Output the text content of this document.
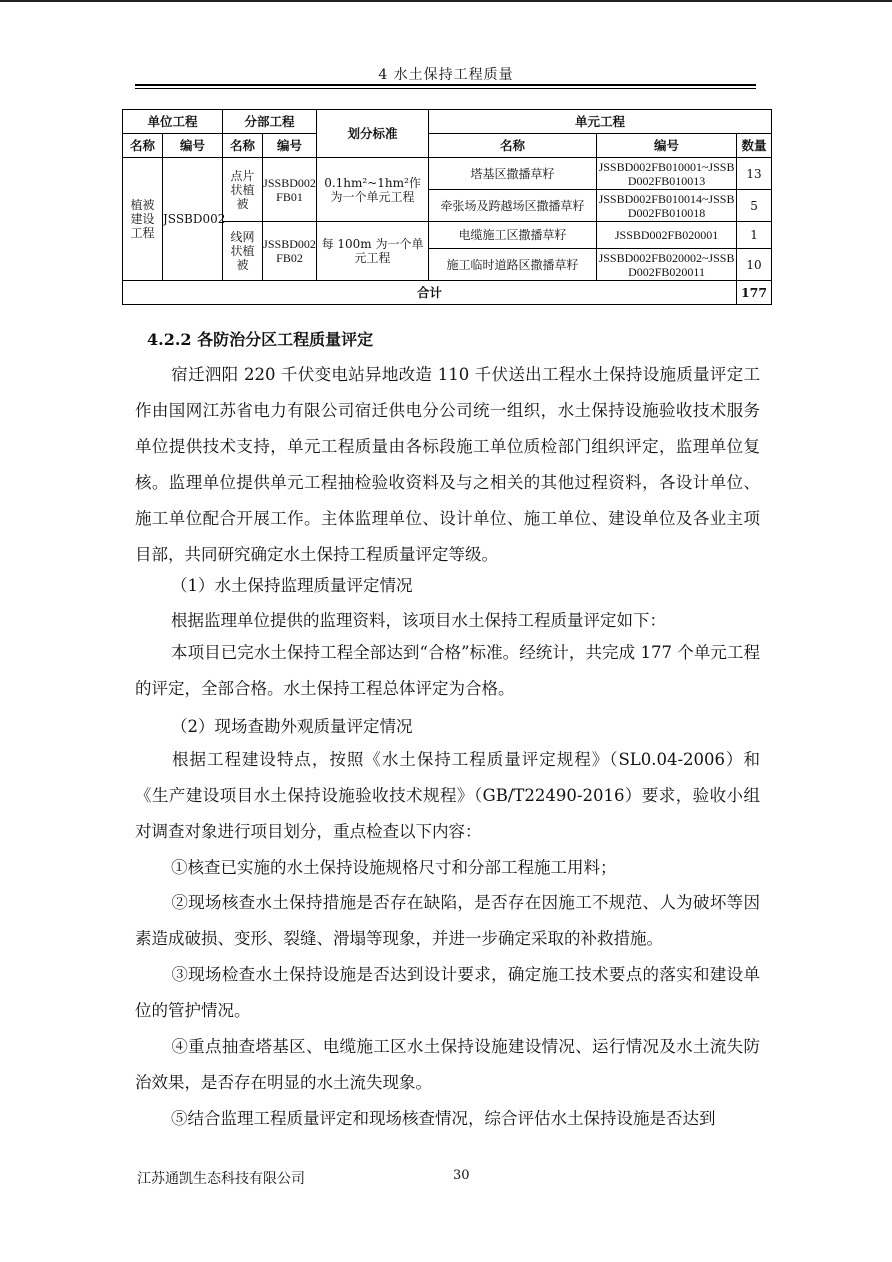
4 水土保持工程质量
单位工程		分部工程		划分标准	单元工程		
名称	编号	名称	编号		名称	编号	数量
植被建设工程	JSSBD002	点片状植被	JSSBD002FB01	0.1hm²~1hm²作为一个单元工程	塔基区撒播草籽	JSSBD002FB010001~JSSBD002FB010013	13
					牵张场及跨越场区撒播草籽	JSSBD002FB010014~JSSBD002FB010018	5
		线网状植被	JSSBD002FB02	每 100m 为一个单元工程	电缆施工区撒播草籽	JSSBD002FB020001	1
					施工临时道路区撒播草籽	JSSBD002FB020002~JSSBD002FB020011	10
合计							177
4.2.2 各防治分区工程质量评定
宿迁泗阳 220 千伏变电站异地改造 110 千伏送出工程水土保持设施质量评定工作由国网江苏省电力有限公司宿迁供电分公司统一组织，水土保持设施验收技术服务单位提供技术支持，单元工程质量由各标段施工单位质检部门组织评定，监理单位复核。监理单位提供单元工程抽检验收资料及与之相关的其他过程资料，各设计单位、施工单位配合开展工作。主体监理单位、设计单位、施工单位、建设单位及各业主项目部，共同研究确定水土保持工程质量评定等级。
（1）水土保持监理质量评定情况
根据监理单位提供的监理资料，该项目水土保持工程质量评定如下：
本项目已完水土保持工程全部达到“合格”标准。经统计，共完成 177 个单元工程的评定，全部合格。水土保持工程总体评定为合格。
（2）现场查勘外观质量评定情况
根据工程建设特点，按照《水土保持工程质量评定规程》（SL0.04-2006）和《生产建设项目水土保持设施验收技术规程》（GB/T22490-2016）要求，验收小组对调查对象进行项目划分，重点检查以下内容：
①核查已实施的水土保持设施规格尺寸和分部工程施工用料；
②现场核查水土保持措施是否存在缺陷，是否存在因施工不规范、人为破坏等因素造成破损、变形、裂缝、滑塌等现象，并进一步确定采取的补救措施。
③现场检查水土保持设施是否达到设计要求，确定施工技术要点的落实和建设单位的管护情况。
④重点抽查塔基区、电缆施工区水土保持设施建设情况、运行情况及水土流失防治效果，是否存在明显的水土流失现象。
⑤结合监理工程质量评定和现场核查情况，综合评估水土保持设施是否达到
江苏通凯生态科技有限公司	30
